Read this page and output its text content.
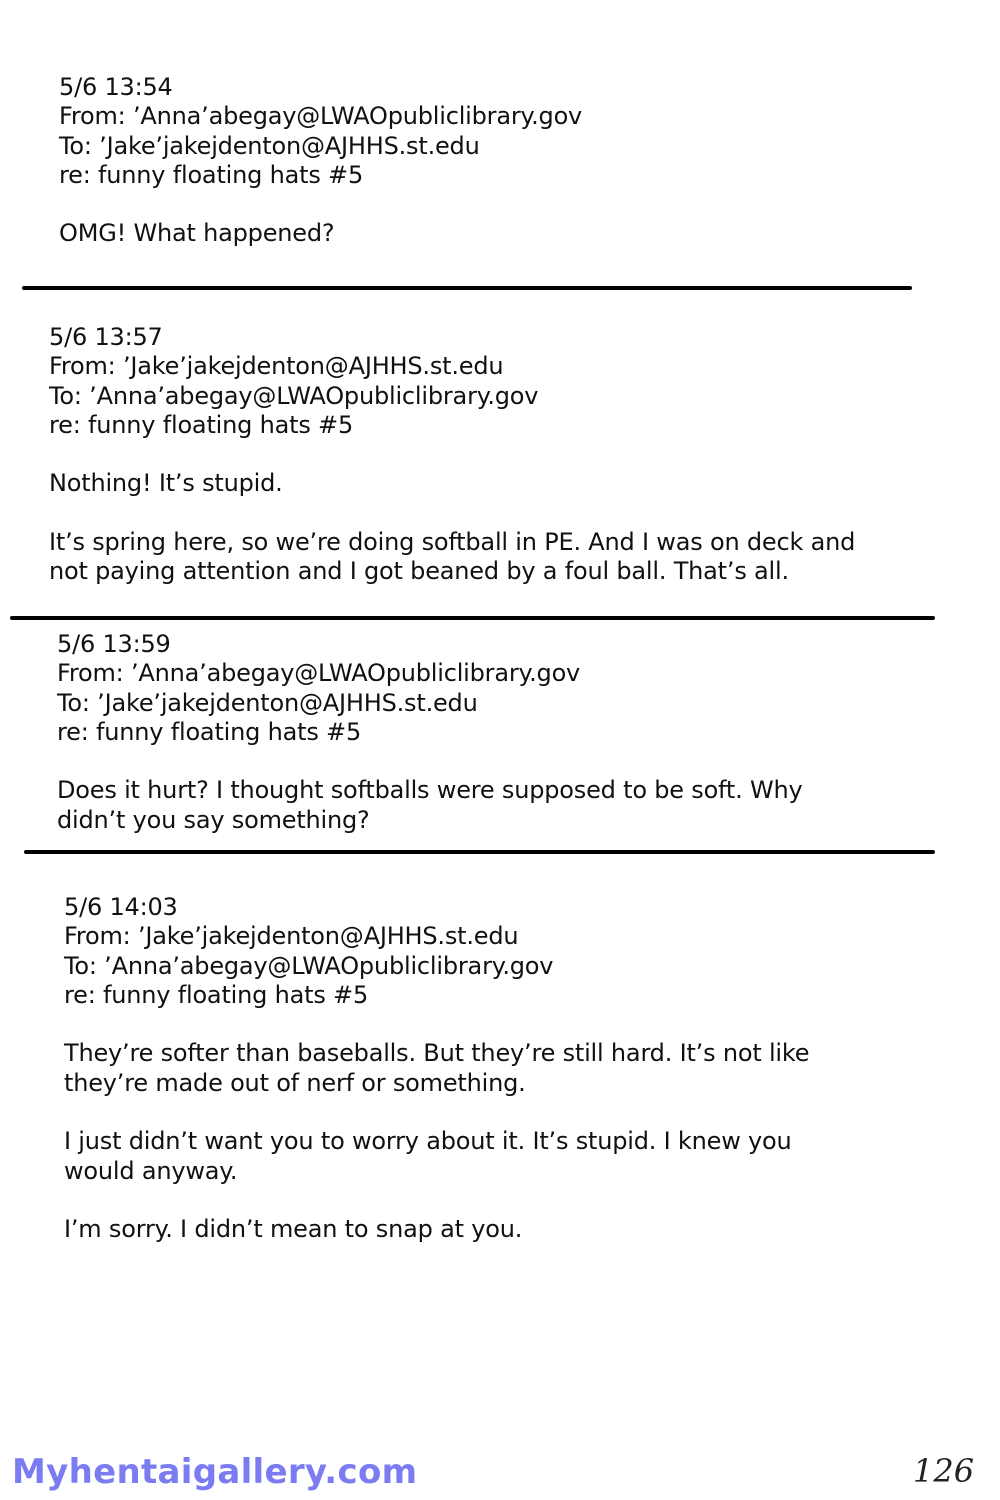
5/6 13:54
From: ’Anna’abegay@LWAOpubliclibrary.gov
To: ’Jake’jakejdenton@AJHHS.st.edu
re: funny floating hats #5
OMG! What happened?
5/6 13:57
From: ’Jake’jakejdenton@AJHHS.st.edu
To: ’Anna’abegay@LWAOpubliclibrary.gov
re: funny floating hats #5
Nothing! It’s stupid.
It’s spring here, so we’re doing softball in PE. And I was on deck and
not paying attention and I got beaned by a foul ball. That’s all.
5/6 13:59
From: ’Anna’abegay@LWAOpubliclibrary.gov
To: ’Jake’jakejdenton@AJHHS.st.edu
re: funny floating hats #5
Does it hurt? I thought softballs were supposed to be soft. Why
didn’t you say something?
5/6 14:03
From: ’Jake’jakejdenton@AJHHS.st.edu
To: ’Anna’abegay@LWAOpubliclibrary.gov
re: funny floating hats #5
They’re softer than baseballs. But they’re still hard. It’s not like
they’re made out of nerf or something.
I just didn’t want you to worry about it. It’s stupid. I knew you
would anyway.
I’m sorry. I didn’t mean to snap at you.
Myhentaigallery.com	126
